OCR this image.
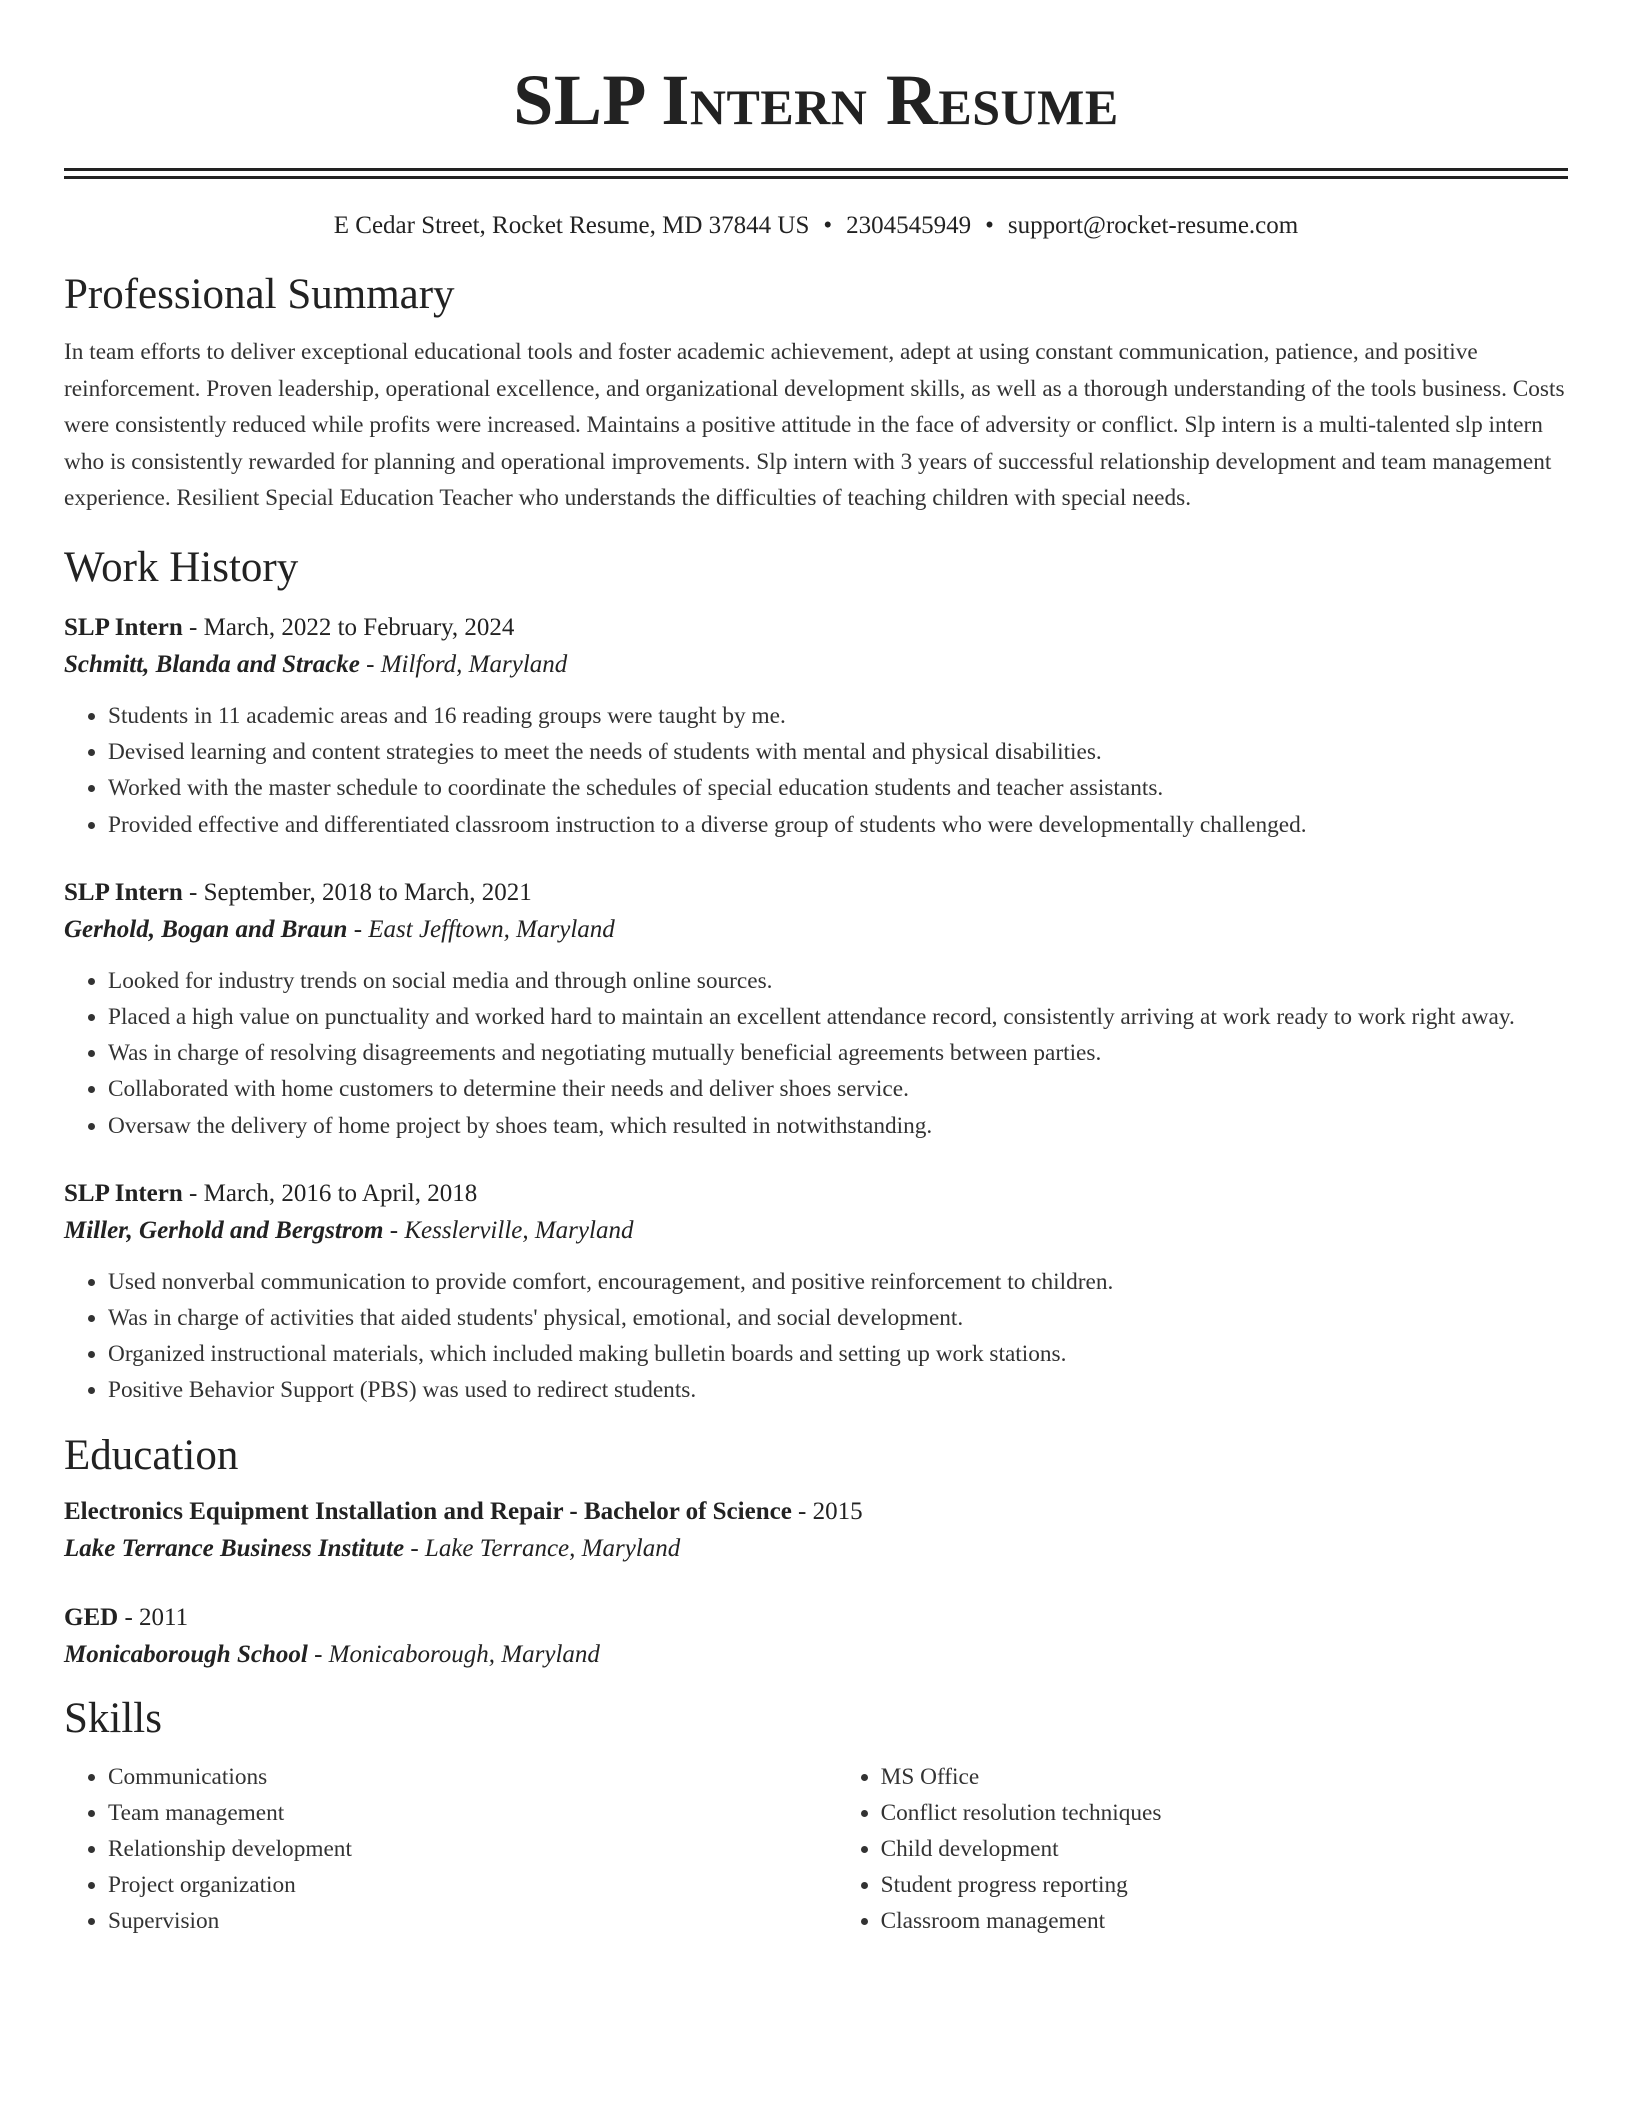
SLP Intern Resume
E Cedar Street, Rocket Resume, MD 37844 US • 2304545949 • support@rocket-resume.com
Professional Summary
In team efforts to deliver exceptional educational tools and foster academic achievement, adept at using constant communication, patience, and positive reinforcement. Proven leadership, operational excellence, and organizational development skills, as well as a thorough understanding of the tools business. Costs were consistently reduced while profits were increased. Maintains a positive attitude in the face of adversity or conflict. Slp intern is a multi-talented slp intern who is consistently rewarded for planning and operational improvements. Slp intern with 3 years of successful relationship development and team management experience. Resilient Special Education Teacher who understands the difficulties of teaching children with special needs.
Work History
SLP Intern - March, 2022 to February, 2024
Schmitt, Blanda and Stracke - Milford, Maryland
• Students in 11 academic areas and 16 reading groups were taught by me.
• Devised learning and content strategies to meet the needs of students with mental and physical disabilities.
• Worked with the master schedule to coordinate the schedules of special education students and teacher assistants.
• Provided effective and differentiated classroom instruction to a diverse group of students who were developmentally challenged.
SLP Intern - September, 2018 to March, 2021
Gerhold, Bogan and Braun - East Jefftown, Maryland
• Looked for industry trends on social media and through online sources.
• Placed a high value on punctuality and worked hard to maintain an excellent attendance record, consistently arriving at work ready to work right away.
• Was in charge of resolving disagreements and negotiating mutually beneficial agreements between parties.
• Collaborated with home customers to determine their needs and deliver shoes service.
• Oversaw the delivery of home project by shoes team, which resulted in notwithstanding.
SLP Intern - March, 2016 to April, 2018
Miller, Gerhold and Bergstrom - Kesslerville, Maryland
• Used nonverbal communication to provide comfort, encouragement, and positive reinforcement to children.
• Was in charge of activities that aided students' physical, emotional, and social development.
• Organized instructional materials, which included making bulletin boards and setting up work stations.
• Positive Behavior Support (PBS) was used to redirect students.
Education
Electronics Equipment Installation and Repair - Bachelor of Science - 2015
Lake Terrance Business Institute - Lake Terrance, Maryland
GED - 2011
Monicaborough School - Monicaborough, Maryland
Skills
• Communications
• Team management
• Relationship development
• Project organization
• Supervision
• MS Office
• Conflict resolution techniques
• Child development
• Student progress reporting
• Classroom management
